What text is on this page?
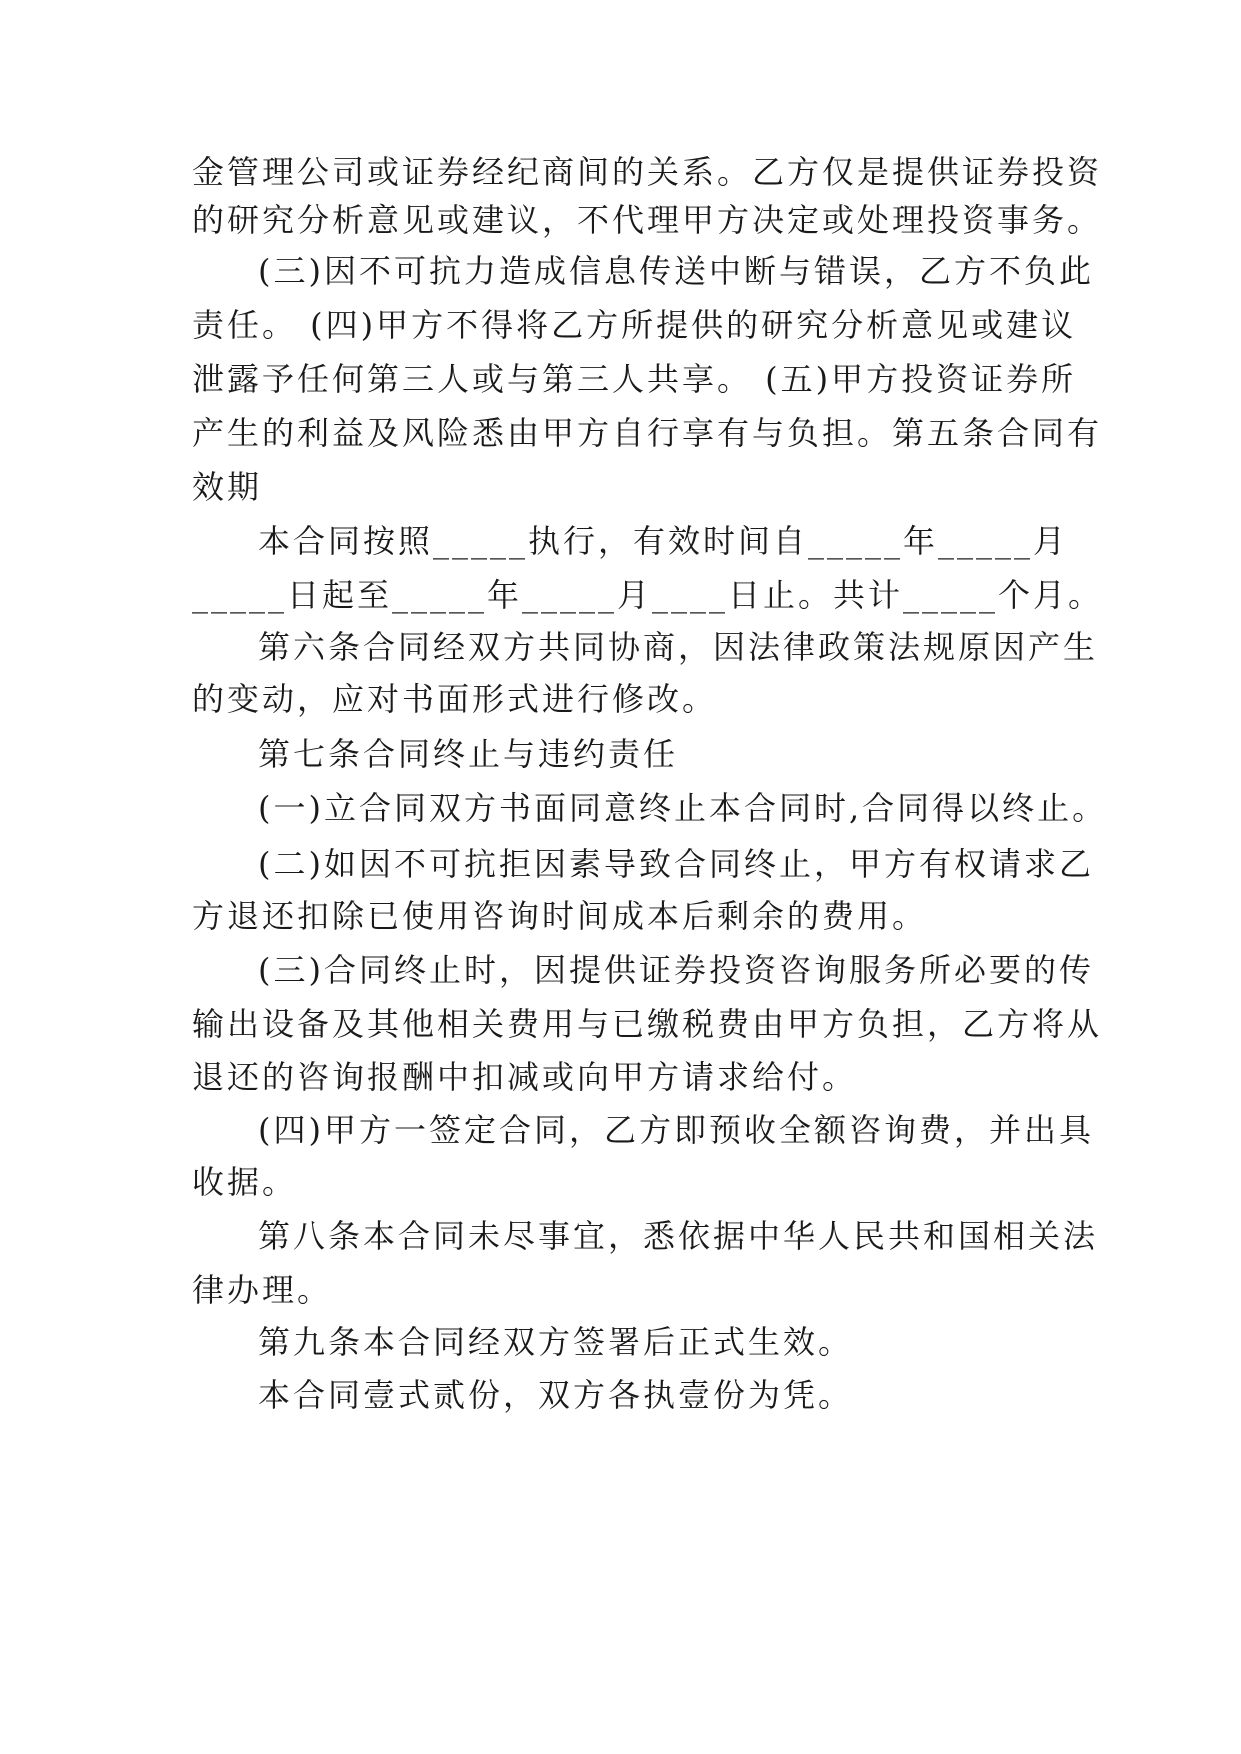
金管理公司或证券经纪商间的关系。乙方仅是提供证券投资
的研究分析意见或建议，不代理甲方决定或处理投资事务。
(三)因不可抗力造成信息传送中断与错误，乙方不负此
责任。 (四)甲方不得将乙方所提供的研究分析意见或建议
泄露予任何第三人或与第三人共享。 (五)甲方投资证券所
产生的利益及风险悉由甲方自行享有与负担。第五条合同有
效期
本合同按照_____执行，有效时间自_____年_____月
_____日起至_____年_____月____日止。共计_____个月。
第六条合同经双方共同协商，因法律政策法规原因产生
的变动，应对书面形式进行修改。
第七条合同终止与违约责任
(一)立合同双方书面同意终止本合同时,合同得以终止。
(二)如因不可抗拒因素导致合同终止，甲方有权请求乙
方退还扣除已使用咨询时间成本后剩余的费用。
(三)合同终止时，因提供证券投资咨询服务所必要的传
输出设备及其他相关费用与已缴税费由甲方负担，乙方将从
退还的咨询报酬中扣减或向甲方请求给付。
(四)甲方一签定合同，乙方即预收全额咨询费，并出具
收据。
第八条本合同未尽事宜，悉依据中华人民共和国相关法
律办理。
第九条本合同经双方签署后正式生效。
本合同壹式贰份，双方各执壹份为凭。
